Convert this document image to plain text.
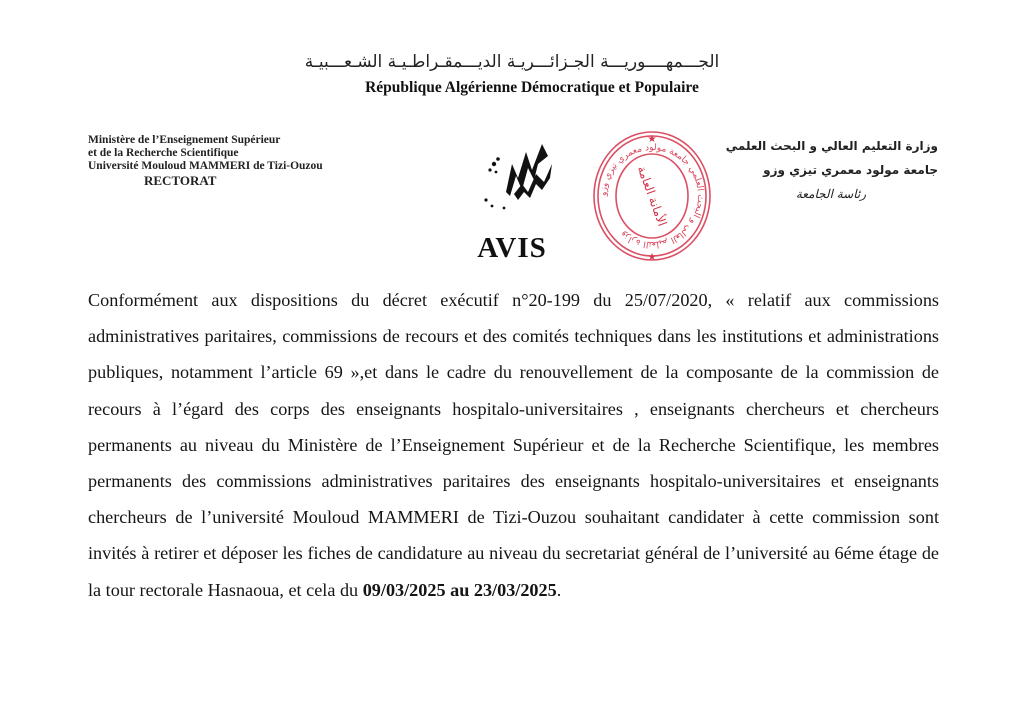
الجـــمهــــوريـــة الجـزائـــريـة الديـــمقـراطـيـة الشـعـــبيـة
République Algérienne Démocratique et Populaire
Ministère de l’Enseignement Supérieur
et de la Recherche Scientifique
Université Mouloud MAMMERI de Tizi-Ouzou
RECTORAT
وزارة التعليم العالي و البحث العلمي
جامعة مولود معمري تيزي وزو
رئاسة الجامعة
وزارة التعليم العالي و البحث العلمي جامعة مولود معمري تيزي وزو
الأمانة العامة
★
★
AVIS
Conformément aux dispositions du décret exécutif n°20-199 du 25/07/2020, « relatif aux commissions administratives paritaires, commissions de recours et des comités techniques dans les institutions et administrations publiques, notamment l’article 69 »,et dans le cadre du renouvellement de la composante de la commission de recours à l’égard des corps des enseignants hospitalo-universitaires , enseignants chercheurs et chercheurs permanents au niveau du Ministère de l’Enseignement Supérieur et de la Recherche Scientifique, les membres permanents des commissions administratives paritaires des enseignants hospitalo-universitaires et enseignants chercheurs de l’université Mouloud MAMMERI de Tizi-Ouzou souhaitant candidater à cette commission sont invités à retirer et déposer les fiches de candidature au niveau du secretariat général de l’université au 6éme étage de la tour rectorale Hasnaoua, et cela du 09/03/2025 au 23/03/2025.
